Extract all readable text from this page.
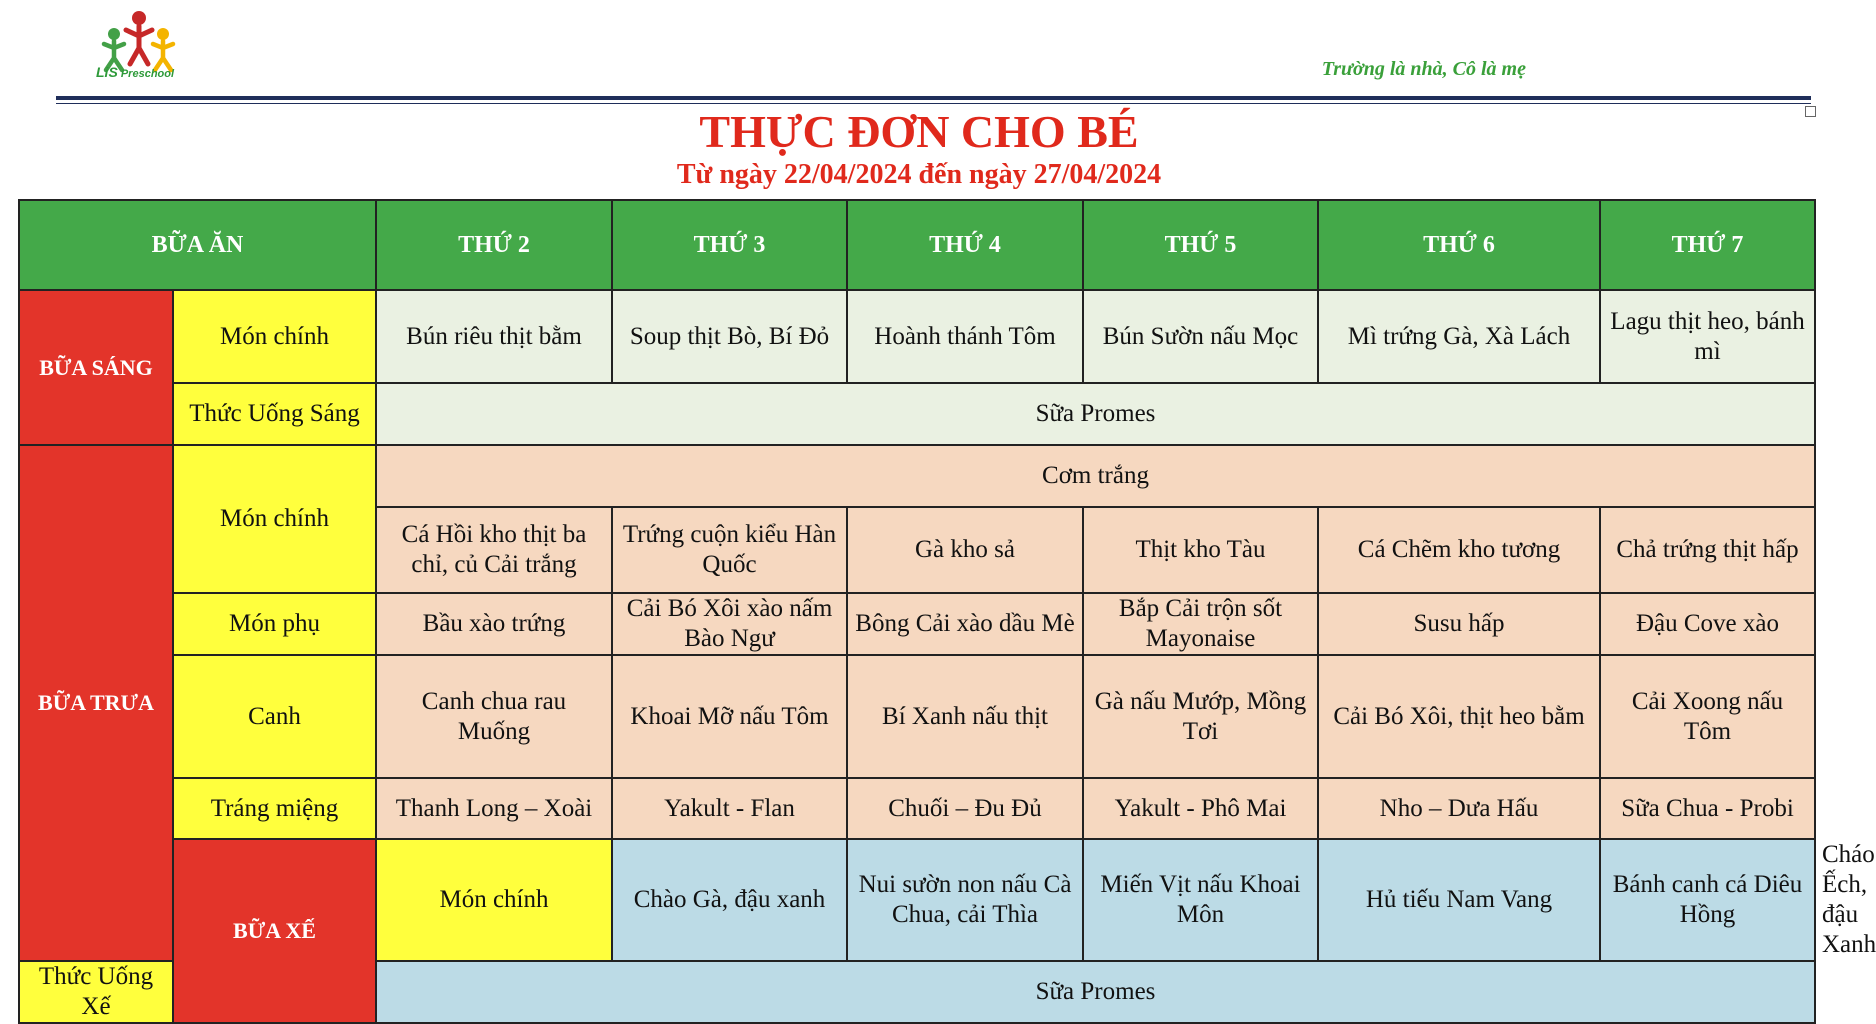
LiS Preschool	Trường là nhà, Cô là mẹ
THỰC ĐƠN CHO BÉ
Từ ngày 22/04/2024 đến ngày 27/04/2024
BỮA ĂN		THỨ 2	THỨ 3	THỨ 4	THỨ 5	THỨ 6	THỨ 7	
BỮA SÁNG	Món chính	Bún riêu thịt bằm	Soup thịt Bò, Bí Đỏ	Hoành thánh Tôm	Bún Sườn nấu Mọc	Mì trứng Gà, Xà Lách	Lagu thịt heo, bánh mì	
	Thức Uống Sáng	Sữa Promes						
BỮA TRƯA	Món chính	Cơm trắng						
		Cá Hồi kho thịt ba chỉ, củ Cải trắng	Trứng cuộn kiểu Hàn Quốc	Gà kho sả	Thịt kho Tàu	Cá Chẽm kho tương	Chả trứng thịt hấp	
	Món phụ	Bầu xào trứng	Cải Bó Xôi xào nấm Bào Ngư	Bông Cải xào dầu Mè	Bắp Cải trộn sốt Mayonaise	Susu hấp	Đậu Cove xào	
	Canh	Canh chua rau Muống	Khoai Mỡ nấu Tôm	Bí Xanh nấu thịt	Gà nấu Mướp, Mồng Tơi	Cải Bó Xôi, thịt heo bằm	Cải Xoong nấu Tôm	
	Tráng miệng	Thanh Long – Xoài	Yakult - Flan	Chuối – Đu Đủ	Yakult - Phô Mai	Nho – Dưa Hấu	Sữa Chua - Probi	
	BỮA XẾ	Món chính	Chào Gà, đậu xanh	Nui sườn non nấu Cà Chua, cải Thìa	Miến Vịt nấu Khoai Môn	Hủ tiếu Nam Vang	Bánh canh cá Diêu Hồng	Cháo Ếch, đậu Xanh
Thức Uống Xế		Sữa Promes						
